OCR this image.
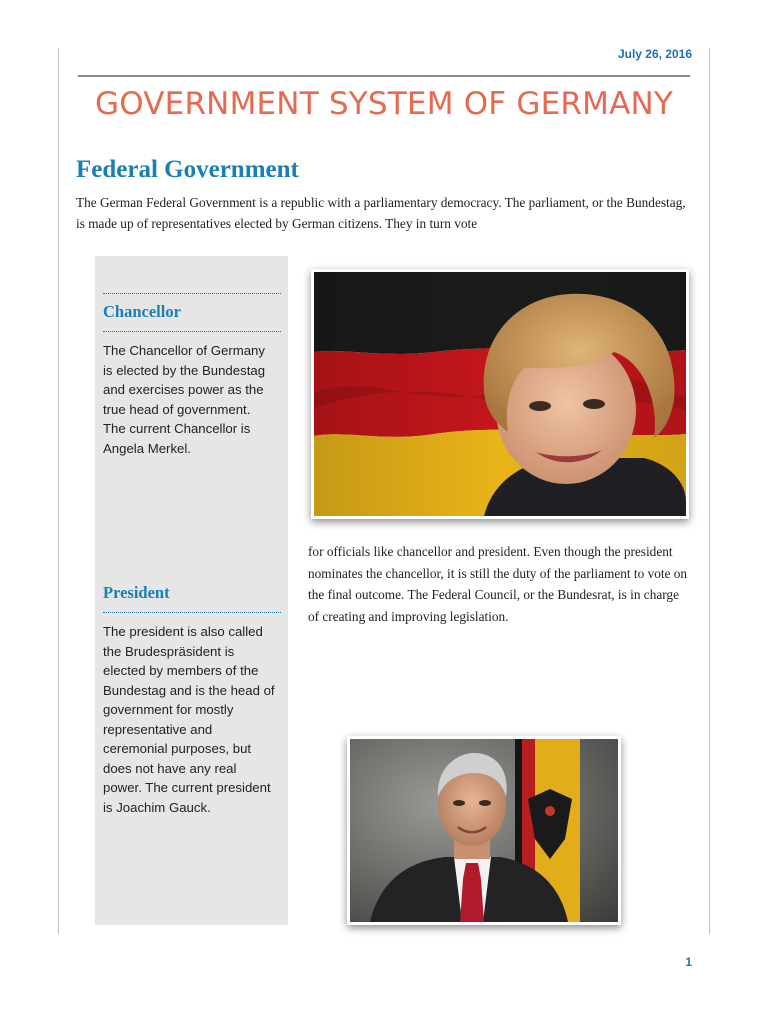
July 26, 2016
GOVERNMENT SYSTEM OF GERMANY
Federal Government
The German Federal Government is a republic with a parliamentary democracy. The parliament, or the Bundestag, is made up of representatives elected by German citizens. They in turn vote
Chancellor
The Chancellor of Germany is elected by the Bundestag and exercises power as the true head of government. The current Chancellor is Angela Merkel.
President
The president is also called the Brudespräsident is elected by members of the Bundestag and is the head of government for mostly representative and ceremonial purposes, but does not have any real power. The current president is Joachim Gauck.
for officials like chancellor and president. Even though the president nominates the chancellor, it is still the duty of the parliament to vote on the final outcome. The Federal Council, or the Bundesrat, is in charge of creating and improving legislation.
1
